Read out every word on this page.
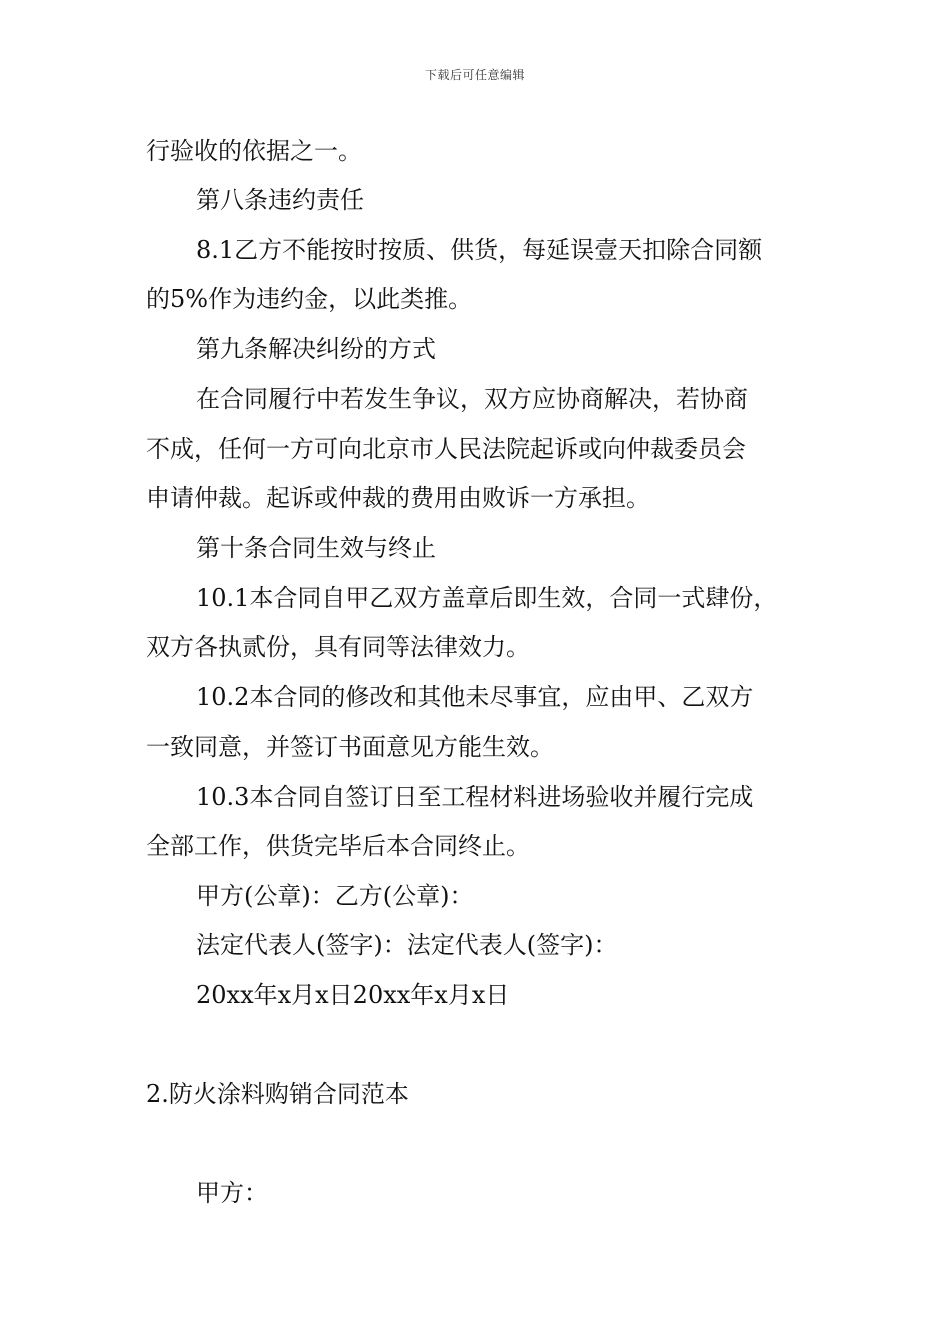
下载后可任意编辑
行验收的依据之一。
第八条违约责任
8.1乙方不能按时按质、供货，每延误壹天扣除合同额
的5%作为违约金，以此类推。
第九条解决纠纷的方式
在合同履行中若发生争议，双方应协商解决，若协商
不成，任何一方可向北京市人民法院起诉或向仲裁委员会
申请仲裁。起诉或仲裁的费用由败诉一方承担。
第十条合同生效与终止
10.1本合同自甲乙双方盖章后即生效，合同一式肆份，
双方各执贰份，具有同等法律效力。
10.2本合同的修改和其他未尽事宜，应由甲、乙双方
一致同意，并签订书面意见方能生效。
10.3本合同自签订日至工程材料进场验收并履行完成
全部工作，供货完毕后本合同终止。
甲方(公章)：乙方(公章)：
法定代表人(签字)：法定代表人(签字)：
20xx年x月x日20xx年x月x日
2.防火涂料购销合同范本
甲方：
